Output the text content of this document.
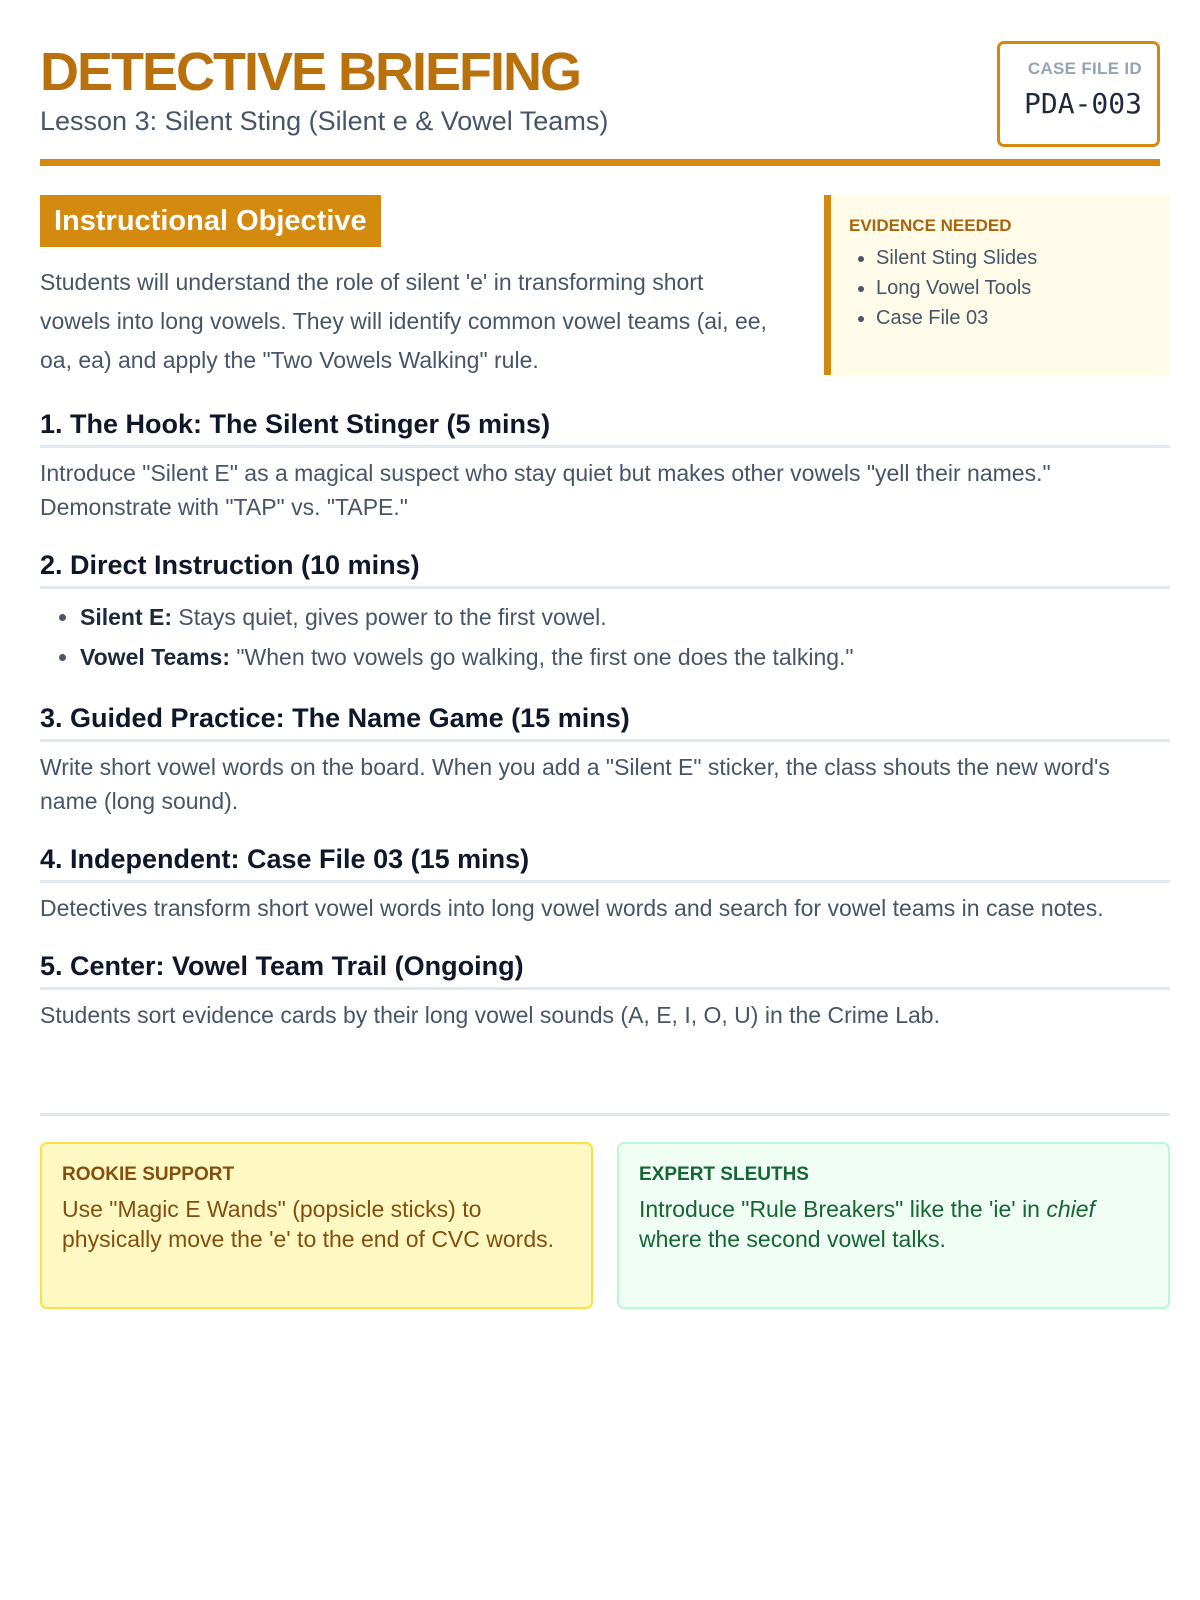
DETECTIVE BRIEFING
Lesson 3: Silent Sting (Silent e & Vowel Teams)
CASE FILE ID
PDA-003
Instructional Objective
Students will understand the role of silent 'e' in transforming short vowels into long vowels. They will identify common vowel teams (ai, ee, oa, ea) and apply the "Two Vowels Walking" rule.
EVIDENCE NEEDED
• Silent Sting Slides
• Long Vowel Tools
• Case File 03
1. The Hook: The Silent Stinger (5 mins)
Introduce "Silent E" as a magical suspect who stay quiet but makes other vowels "yell their names." Demonstrate with "TAP" vs. "TAPE."
2. Direct Instruction (10 mins)
• Silent E: Stays quiet, gives power to the first vowel.
• Vowel Teams: "When two vowels go walking, the first one does the talking."
3. Guided Practice: The Name Game (15 mins)
Write short vowel words on the board. When you add a "Silent E" sticker, the class shouts the new word's name (long sound).
4. Independent: Case File 03 (15 mins)
Detectives transform short vowel words into long vowel words and search for vowel teams in case notes.
5. Center: Vowel Team Trail (Ongoing)
Students sort evidence cards by their long vowel sounds (A, E, I, O, U) in the Crime Lab.
ROOKIE SUPPORT
Use "Magic E Wands" (popsicle sticks) to physically move the 'e' to the end of CVC words.
EXPERT SLEUTHS
Introduce "Rule Breakers" like the 'ie' in chief where the second vowel talks.
